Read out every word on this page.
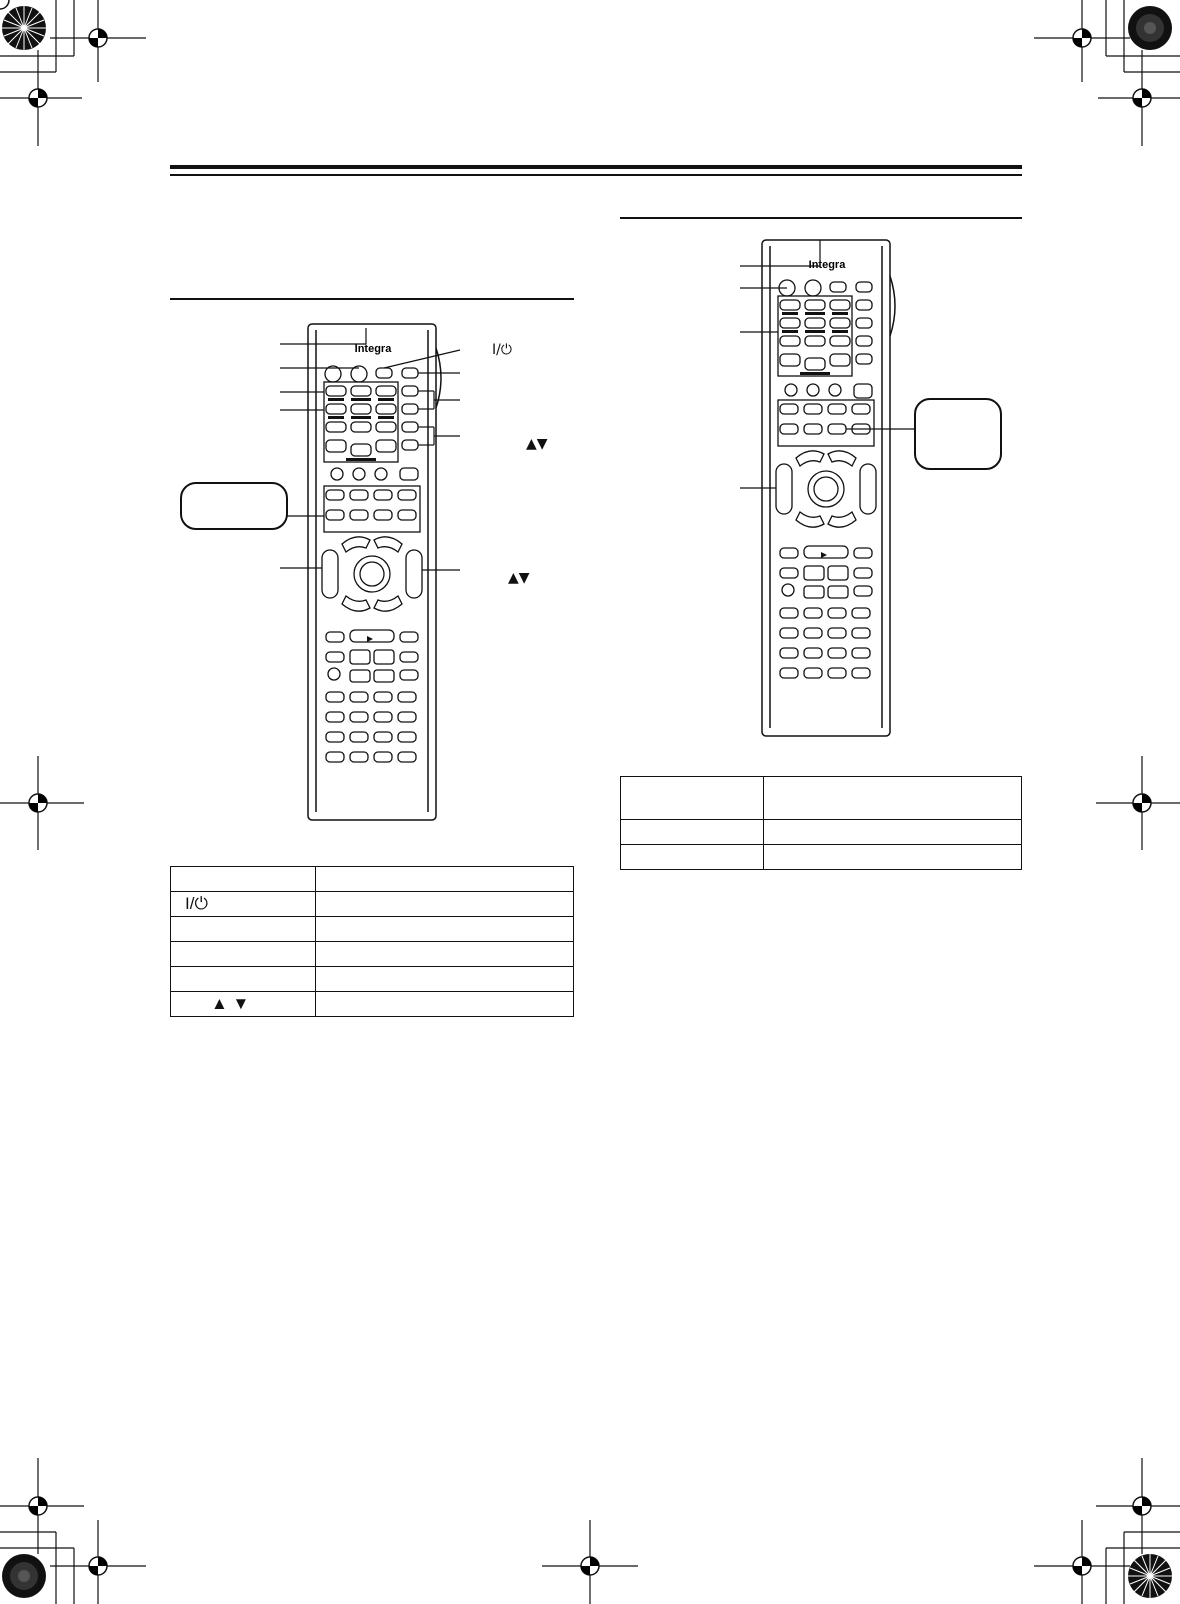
Integra	I/⏻
▲▼
▲▼
Integra

I/⏻	

▲ ▼	
